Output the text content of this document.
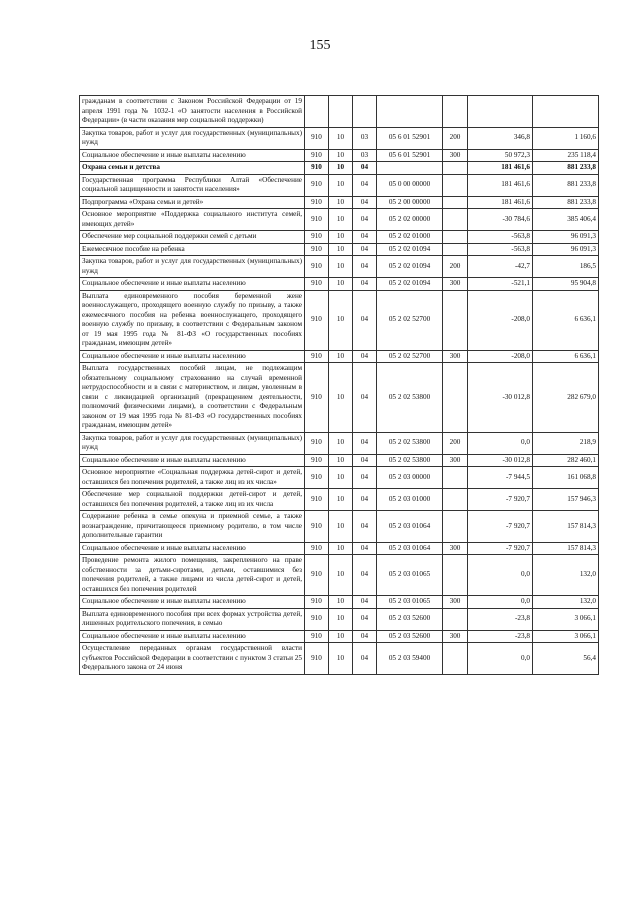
155
гражданам в соответствии с Законом Российской Федерации от 19 апреля 1991 года № 1032-1 «О занятости населения в Российской Федерации» (в части оказания мер социальной поддержки)							
Закупка товаров, работ и услуг для государственных (муниципальных) нужд	910	10	03	05 6 01 52901	200	346,8	1 160,6
Социальное обеспечение и иные выплаты населению	910	10	03	05 6 01 52901	300	50 972,3	235 118,4
Охрана семьи и детства	910	10	04			181 461,6	881 233,8
Государственная программа Республики Алтай «Обеспечение социальной защищенности и занятости населения»	910	10	04	05 0 00 00000		181 461,6	881 233,8
Подпрограмма «Охрана семьи и детей»	910	10	04	05 2 00 00000		181 461,6	881 233,8
Основное мероприятие «Поддержка социального института семей, имеющих детей»	910	10	04	05 2 02 00000		-30 784,6	385 406,4
Обеспечение мер социальной поддержки семей с детьми	910	10	04	05 2 02 01000		-563,8	96 091,3
Ежемесячное пособие на ребенка	910	10	04	05 2 02 01094		-563,8	96 091,3
Закупка товаров, работ и услуг для государственных (муниципальных) нужд	910	10	04	05 2 02 01094	200	-42,7	186,5
Социальное обеспечение и иные выплаты населению	910	10	04	05 2 02 01094	300	-521,1	95 904,8
Выплата единовременного пособия беременной жене военнослужащего, проходящего военную службу по призыву, а также ежемесячного пособия на ребенка военнослужащего, проходящего военную службу по призыву, в соответствии с Федеральным законом от 19 мая 1995 года № 81-ФЗ «О государственных пособиях гражданам, имеющим детей»	910	10	04	05 2 02 52700		-208,0	6 636,1
Социальное обеспечение и иные выплаты населению	910	10	04	05 2 02 52700	300	-208,0	6 636,1
Выплата государственных пособий лицам, не подлежащим обязательному социальному страхованию на случай временной нетрудоспособности и в связи с материнством, и лицам, уволенным в связи с ликвидацией организаций (прекращением деятельности, полномочий физическими лицами), в соответствии с Федеральным законом от 19 мая 1995 года № 81-ФЗ «О государственных пособиях гражданам, имеющим детей»	910	10	04	05 2 02 53800		-30 012,8	282 679,0
Закупка товаров, работ и услуг для государственных (муниципальных) нужд	910	10	04	05 2 02 53800	200	0,0	218,9
Социальное обеспечение и иные выплаты населению	910	10	04	05 2 02 53800	300	-30 012,8	282 460,1
Основное мероприятие «Социальная поддержка детей-сирот и детей, оставшихся без попечения родителей, а также лиц из их числа»	910	10	04	05 2 03 00000		-7 944,5	161 068,8
Обеспечение мер социальной поддержки детей-сирот и детей, оставшихся без попечения родителей, а также лиц из их числа	910	10	04	05 2 03 01000		-7 920,7	157 946,3
Содержание ребенка в семье опекуна и приемной семье, а также вознаграждение, причитающееся приемному родителю, в том числе дополнительные гарантии	910	10	04	05 2 03 01064		-7 920,7	157 814,3
Социальное обеспечение и иные выплаты населению	910	10	04	05 2 03 01064	300	-7 920,7	157 814,3
Проведение ремонта жилого помещения, закрепленного на праве собственности за детьми-сиротами, детьми, оставшимися без попечения родителей, а также лицами из числа детей-сирот и детей, оставшихся без попечения родителей	910	10	04	05 2 03 01065		0,0	132,0
Социальное обеспечение и иные выплаты населению	910	10	04	05 2 03 01065	300	0,0	132,0
Выплата единовременного пособия при всех формах устройства детей, лишенных родительского попечения, в семью	910	10	04	05 2 03 52600		-23,8	3 066,1
Социальное обеспечение и иные выплаты населению	910	10	04	05 2 03 52600	300	-23,8	3 066,1
Осуществление переданных органам государственной власти субъектов Российской Федерации в соответствии с пунктом 3 статьи 25 Федерального закона от 24 июня	910	10	04	05 2 03 59400		0,0	56,4
